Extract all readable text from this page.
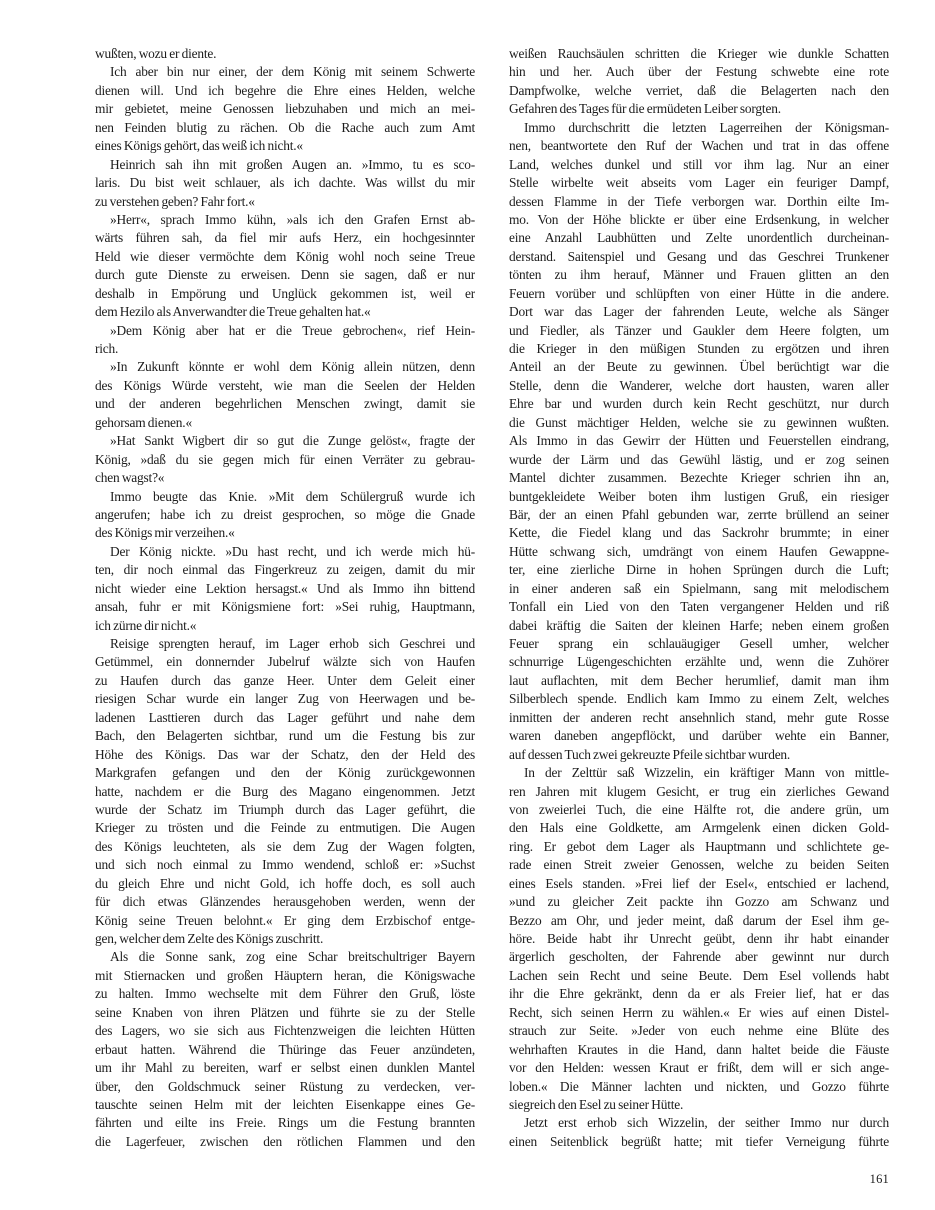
wußten, wozu er diente.
Ich aber bin nur einer, der dem König mit seinem Schwerte
dienen will. Und ich begehre die Ehre eines Helden, welche
mir gebietet, meine Genossen liebzuhaben und mich an mei-
nen Feinden blutig zu rächen. Ob die Rache auch zum Amt
eines Königs gehört, das weiß ich nicht.«
Heinrich sah ihn mit großen Augen an. »Immo, tu es sco-
laris. Du bist weit schlauer, als ich dachte. Was willst du mir
zu verstehen geben? Fahr fort.«
»Herr«, sprach Immo kühn, »als ich den Grafen Ernst ab-
wärts führen sah, da fiel mir aufs Herz, ein hochgesinnter
Held wie dieser vermöchte dem König wohl noch seine Treue
durch gute Dienste zu erweisen. Denn sie sagen, daß er nur
deshalb in Empörung und Unglück gekommen ist, weil er
dem Hezilo als Anverwandter die Treue gehalten hat.«
»Dem König aber hat er die Treue gebrochen«, rief Hein-
rich.
»In Zukunft könnte er wohl dem König allein nützen, denn
des Königs Würde versteht, wie man die Seelen der Helden
und der anderen begehrlichen Menschen zwingt, damit sie
gehorsam dienen.«
»Hat Sankt Wigbert dir so gut die Zunge gelöst«, fragte der
König, »daß du sie gegen mich für einen Verräter zu gebrau-
chen wagst?«
Immo beugte das Knie. »Mit dem Schülergruß wurde ich
angerufen; habe ich zu dreist gesprochen, so möge die Gnade
des Königs mir verzeihen.«
Der König nickte. »Du hast recht, und ich werde mich hü-
ten, dir noch einmal das Fingerkreuz zu zeigen, damit du mir
nicht wieder eine Lektion hersagst.« Und als Immo ihn bittend
ansah, fuhr er mit Königsmiene fort: »Sei ruhig, Hauptmann,
ich zürne dir nicht.«
Reisige sprengten herauf, im Lager erhob sich Geschrei und
Getümmel, ein donnernder Jubelruf wälzte sich von Haufen
zu Haufen durch das ganze Heer. Unter dem Geleit einer
riesigen Schar wurde ein langer Zug von Heerwagen und be-
ladenen Lasttieren durch das Lager geführt und nahe dem
Bach, den Belagerten sichtbar, rund um die Festung bis zur
Höhe des Königs. Das war der Schatz, den der Held des
Markgrafen gefangen und den der König zurückgewonnen
hatte, nachdem er die Burg des Magano eingenommen. Jetzt
wurde der Schatz im Triumph durch das Lager geführt, die
Krieger zu trösten und die Feinde zu entmutigen. Die Augen
des Königs leuchteten, als sie dem Zug der Wagen folgten,
und sich noch einmal zu Immo wendend, schloß er: »Suchst
du gleich Ehre und nicht Gold, ich hoffe doch, es soll auch
für dich etwas Glänzendes herausgehoben werden, wenn der
König seine Treuen belohnt.« Er ging dem Erzbischof entge-
gen, welcher dem Zelte des Königs zuschritt.
Als die Sonne sank, zog eine Schar breitschultriger Bayern
mit Stiernacken und großen Häuptern heran, die Königswache
zu halten. Immo wechselte mit dem Führer den Gruß, löste
seine Knaben von ihren Plätzen und führte sie zu der Stelle
des Lagers, wo sie sich aus Fichtenzweigen die leichten Hütten
erbaut hatten. Während die Thüringe das Feuer anzündeten,
um ihr Mahl zu bereiten, warf er selbst einen dunklen Mantel
über, den Goldschmuck seiner Rüstung zu verdecken, ver-
tauschte seinen Helm mit der leichten Eisenkappe eines Ge-
fährten und eilte ins Freie. Rings um die Festung brannten
die Lagerfeuer, zwischen den rötlichen Flammen und den
weißen Rauchsäulen schritten die Krieger wie dunkle Schatten
hin und her. Auch über der Festung schwebte eine rote
Dampfwolke, welche verriet, daß die Belagerten nach den
Gefahren des Tages für die ermüdeten Leiber sorgten.
Immo durchschritt die letzten Lagerreihen der Königsman-
nen, beantwortete den Ruf der Wachen und trat in das offene
Land, welches dunkel und still vor ihm lag. Nur an einer
Stelle wirbelte weit abseits vom Lager ein feuriger Dampf,
dessen Flamme in der Tiefe verborgen war. Dorthin eilte Im-
mo. Von der Höhe blickte er über eine Erdsenkung, in welcher
eine Anzahl Laubhütten und Zelte unordentlich durcheinan-
derstand. Saitenspiel und Gesang und das Geschrei Trunkener
tönten zu ihm herauf, Männer und Frauen glitten an den
Feuern vorüber und schlüpften von einer Hütte in die andere.
Dort war das Lager der fahrenden Leute, welche als Sänger
und Fiedler, als Tänzer und Gaukler dem Heere folgten, um
die Krieger in den müßigen Stunden zu ergötzen und ihren
Anteil an der Beute zu gewinnen. Übel berüchtigt war die
Stelle, denn die Wanderer, welche dort hausten, waren aller
Ehre bar und wurden durch kein Recht geschützt, nur durch
die Gunst mächtiger Helden, welche sie zu gewinnen wußten.
Als Immo in das Gewirr der Hütten und Feuerstellen eindrang,
wurde der Lärm und das Gewühl lästig, und er zog seinen
Mantel dichter zusammen. Bezechte Krieger schrien ihn an,
buntgekleidete Weiber boten ihm lustigen Gruß, ein riesiger
Bär, der an einen Pfahl gebunden war, zerrte brüllend an seiner
Kette, die Fiedel klang und das Sackrohr brummte; in einer
Hütte schwang sich, umdrängt von einem Haufen Gewappne-
ter, eine zierliche Dirne in hohen Sprüngen durch die Luft;
in einer anderen saß ein Spielmann, sang mit melodischem
Tonfall ein Lied von den Taten vergangener Helden und riß
dabei kräftig die Saiten der kleinen Harfe; neben einem großen
Feuer sprang ein schlauäugiger Gesell umher, welcher
schnurrige Lügengeschichten erzählte und, wenn die Zuhörer
laut auflachten, mit dem Becher herumlief, damit man ihm
Silberblech spende. Endlich kam Immo zu einem Zelt, welches
inmitten der anderen recht ansehnlich stand, mehr gute Rosse
waren daneben angepflöckt, und darüber wehte ein Banner,
auf dessen Tuch zwei gekreuzte Pfeile sichtbar wurden.
In der Zelttür saß Wizzelin, ein kräftiger Mann von mittle-
ren Jahren mit klugem Gesicht, er trug ein zierliches Gewand
von zweierlei Tuch, die eine Hälfte rot, die andere grün, um
den Hals eine Goldkette, am Armgelenk einen dicken Gold-
ring. Er gebot dem Lager als Hauptmann und schlichtete ge-
rade einen Streit zweier Genossen, welche zu beiden Seiten
eines Esels standen. »Frei lief der Esel«, entschied er lachend,
»und zu gleicher Zeit packte ihn Gozzo am Schwanz und
Bezzo am Ohr, und jeder meint, daß darum der Esel ihm ge-
höre. Beide habt ihr Unrecht geübt, denn ihr habt einander
ärgerlich gescholten, der Fahrende aber gewinnt nur durch
Lachen sein Recht und seine Beute. Dem Esel vollends habt
ihr die Ehre gekränkt, denn da er als Freier lief, hat er das
Recht, sich seinen Herrn zu wählen.« Er wies auf einen Distel-
strauch zur Seite. »Jeder von euch nehme eine Blüte des
wehrhaften Krautes in die Hand, dann haltet beide die Fäuste
vor den Helden: wessen Kraut er frißt, dem will er sich ange-
loben.« Die Männer lachten und nickten, und Gozzo führte
siegreich den Esel zu seiner Hütte.
Jetzt erst erhob sich Wizzelin, der seither Immo nur durch
einen Seitenblick begrüßt hatte; mit tiefer Verneigung führte
161
